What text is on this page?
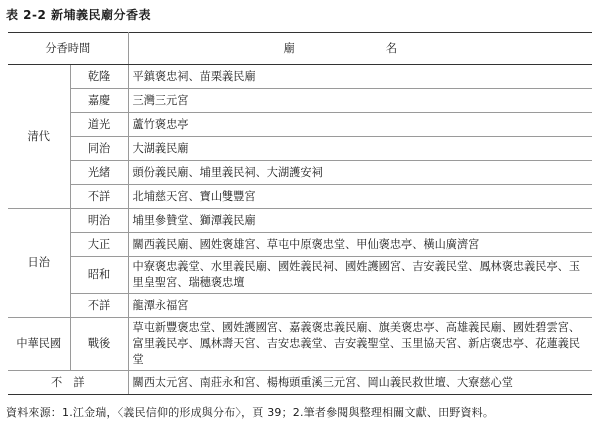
表 2-2 新埔義民廟分香表
分香時間		廟　名
清代	乾隆	平鎮褒忠祠、苗栗義民廟
	嘉慶	三灣三元宮
	道光	蘆竹褒忠亭
	同治	大湖義民廟
	光緒	頭份義民廟、埔里義民祠、大湖護安祠
	不詳	北埔慈天宮、寶山雙豐宮
日治	明治	埔里參贊堂、獅潭義民廟
	大正	關西義民廟、國姓褒雄宮、草屯中原褒忠堂、甲仙褒忠亭、橫山廣濟宮
	昭和	中寮褒忠義堂、水里義民廟、國姓義民祠、國姓護國宮、吉安義民堂、鳳林褒忠義民亭、玉里皇聖宮、瑞穗褒忠壇
	不詳	龍潭永福宮
中華民國	戰後	草屯新豐褒忠堂、國姓護國宮、嘉義褒忠義民廟、旗美褒忠亭、高雄義民廟、國姓碧雲宮、富里義民亭、鳳林壽天宮、吉安忠義堂、吉安義聖堂、玉里協天宮、新店褒忠亭、花蓮義民堂
不　詳		關西太元宮、南莊永和宮、楊梅頭重溪三元宮、岡山義民救世壇、大寮慈心堂
資料來源：1.江金瑞，〈義民信仰的形成與分布〉，頁 39；2.筆者參閱與整理相關文獻、田野資料。
